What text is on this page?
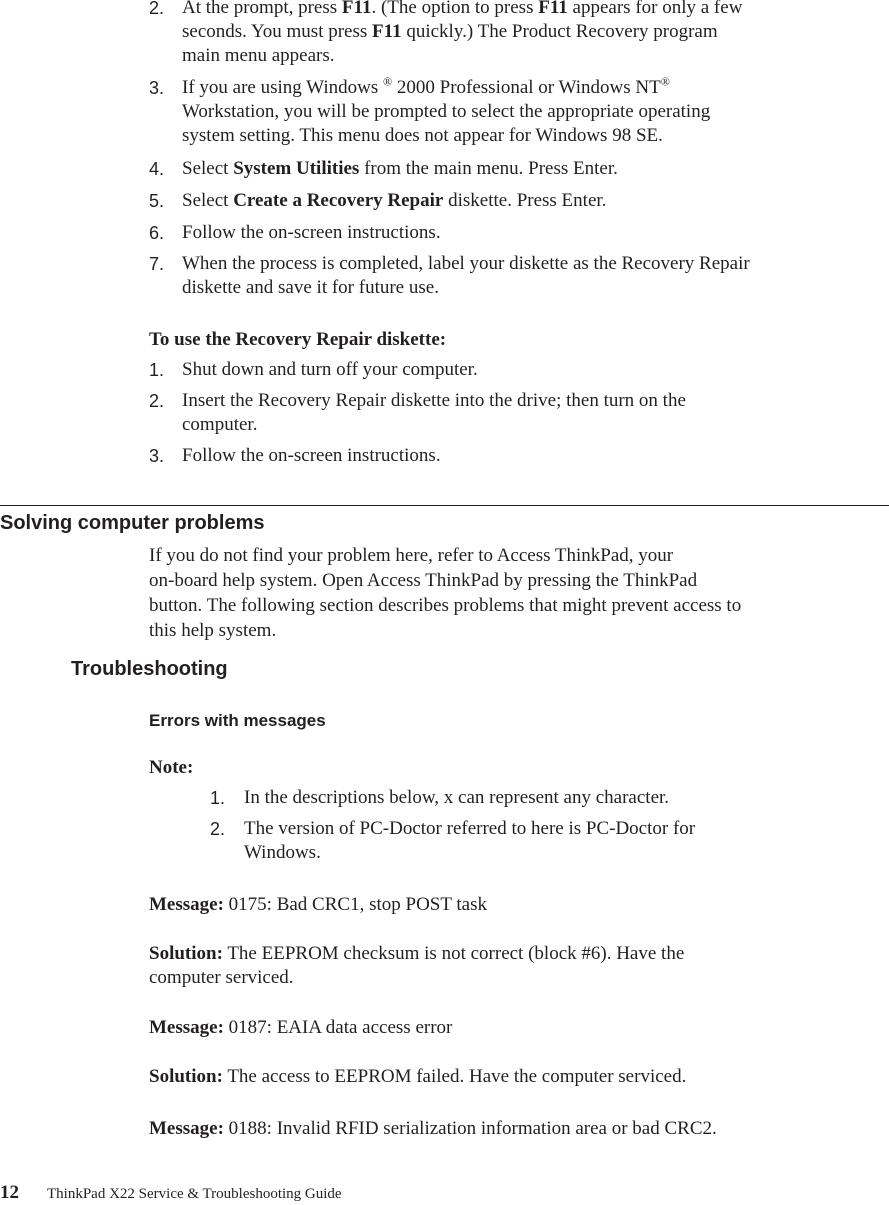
2. At the prompt, press F11. (The option to press F11 appears for only a few
seconds. You must press F11 quickly.) The Product Recovery program
main menu appears.
3. If you are using Windows ® 2000 Professional or Windows NT®
Workstation, you will be prompted to select the appropriate operating
system setting. This menu does not appear for Windows 98 SE.
4. Select System Utilities from the main menu. Press Enter.
5. Select Create a Recovery Repair diskette. Press Enter.
6. Follow the on-screen instructions.
7. When the process is completed, label your diskette as the Recovery Repair
diskette and save it for future use.
To use the Recovery Repair diskette:
1. Shut down and turn off your computer.
2. Insert the Recovery Repair diskette into the drive; then turn on the
computer.
3. Follow the on-screen instructions.
Solving computer problems
If you do not find your problem here, refer to Access ThinkPad, your
on-board help system. Open Access ThinkPad by pressing the ThinkPad
button. The following section describes problems that might prevent access to
this help system.
Troubleshooting
Errors with messages
Note:
1. In the descriptions below, x can represent any character.
2. The version of PC-Doctor referred to here is PC-Doctor for
Windows.
Message: 0175: Bad CRC1, stop POST task
Solution: The EEPROM checksum is not correct (block #6). Have the
computer serviced.
Message: 0187: EAIA data access error
Solution: The access to EEPROM failed. Have the computer serviced.
Message: 0188: Invalid RFID serialization information area or bad CRC2.
12 ThinkPad X22 Service & Troubleshooting Guide
